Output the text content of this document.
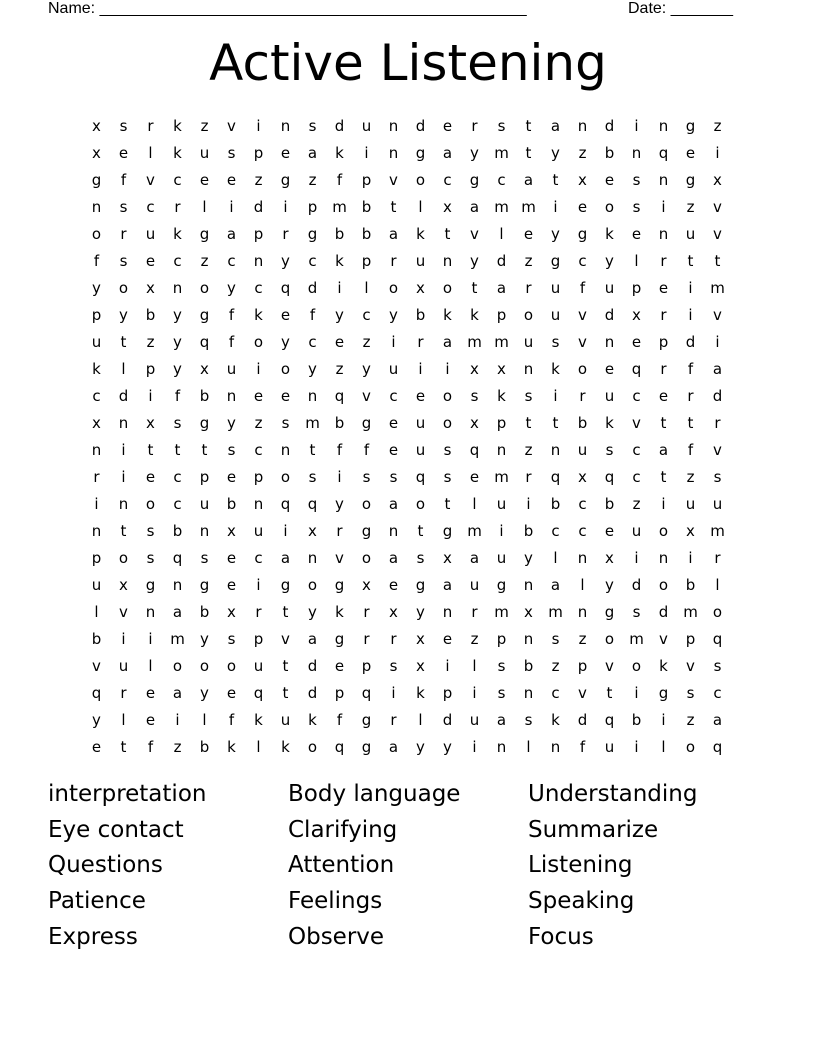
Name: ________________________________________________	Date: _______
Active Listening
x	s	r	k	z	v	i	n	s	d	u	n	d	e	r	s	t	a	n	d	i	n	g	z
x	e	l	k	u	s	p	e	a	k	i	n	g	a	y	m	t	y	z	b	n	q	e	i
g	f	v	c	e	e	z	g	z	f	p	v	o	c	g	c	a	t	x	e	s	n	g	x
n	s	c	r	l	i	d	i	p	m	b	t	l	x	a	m	m	i	e	o	s	i	z	v
o	r	u	k	g	a	p	r	g	b	b	a	k	t	v	l	e	y	g	k	e	n	u	v
f	s	e	c	z	c	n	y	c	k	p	r	u	n	y	d	z	g	c	y	l	r	t	t
y	o	x	n	o	y	c	q	d	i	l	o	x	o	t	a	r	u	f	u	p	e	i	m
p	y	b	y	g	f	k	e	f	y	c	y	b	k	k	p	o	u	v	d	x	r	i	v
u	t	z	y	q	f	o	y	c	e	z	i	r	a	m	m	u	s	v	n	e	p	d	i
k	l	p	y	x	u	i	o	y	z	y	u	i	i	x	x	n	k	o	e	q	r	f	a
c	d	i	f	b	n	e	e	n	q	v	c	e	o	s	k	s	i	r	u	c	e	r	d
x	n	x	s	g	y	z	s	m	b	g	e	u	o	x	p	t	t	b	k	v	t	t	r
n	i	t	t	t	s	c	n	t	f	f	e	u	s	q	n	z	n	u	s	c	a	f	v
r	i	e	c	p	e	p	o	s	i	s	s	q	s	e	m	r	q	x	q	c	t	z	s
i	n	o	c	u	b	n	q	q	y	o	a	o	t	l	u	i	b	c	b	z	i	u	u
n	t	s	b	n	x	u	i	x	r	g	n	t	g	m	i	b	c	c	e	u	o	x	m
p	o	s	q	s	e	c	a	n	v	o	a	s	x	a	u	y	l	n	x	i	n	i	r
u	x	g	n	g	e	i	g	o	g	x	e	g	a	u	g	n	a	l	y	d	o	b	l
l	v	n	a	b	x	r	t	y	k	r	x	y	n	r	m	x	m	n	g	s	d	m	o
b	i	i	m	y	s	p	v	a	g	r	r	x	e	z	p	n	s	z	o	m	v	p	q
v	u	l	o	o	o	u	t	d	e	p	s	x	i	l	s	b	z	p	v	o	k	v	s
q	r	e	a	y	e	q	t	d	p	q	i	k	p	i	s	n	c	v	t	i	g	s	c
y	l	e	i	l	f	k	u	k	f	g	r	l	d	u	a	s	k	d	q	b	i	z	a
e	t	f	z	b	k	l	k	o	q	g	a	y	y	i	n	l	n	f	u	i	l	o	q
interpretation	Body language	Understanding
Eye contact	Clarifying	Summarize
Questions	Attention	Listening
Patience	Feelings	Speaking
Express	Observe	Focus
